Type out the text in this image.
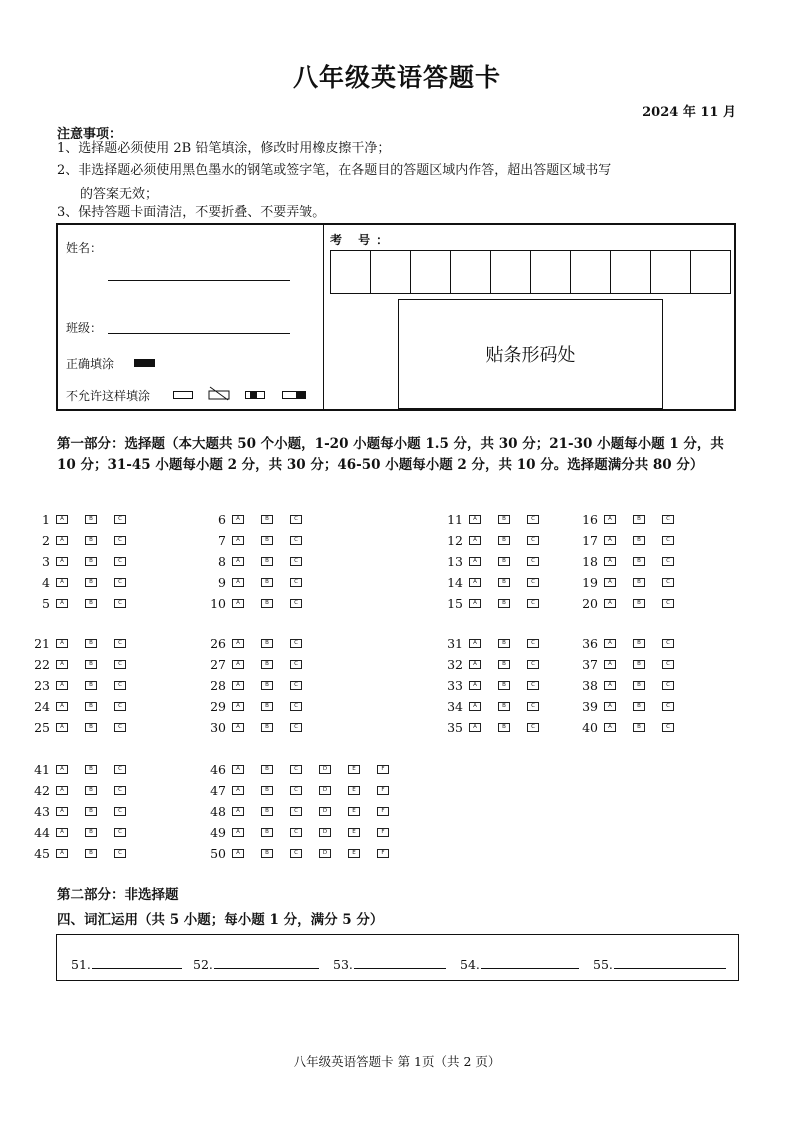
八年级英语答题卡
2024 年 11 月
注意事项：
1、选择题必须使用 2B 铅笔填涂，修改时用橡皮擦干净；
2、非选择题必须使用黑色墨水的钢笔或签字笔，在各题目的答题区域内作答，超出答题区域书写
的答案无效；
3、保持答题卡面清洁，不要折叠、不要弄皱。
姓名：
班级：
正确填涂
不允许这样填涂
考 号：
贴条形码处
第一部分：选择题（本大题共 50 个小题，1-20 小题每小题 1.5 分，共 30 分；21-30 小题每小题 1 分，共 10 分；31-45 小题每小题 2 分，共 30 分；46-50 小题每小题 2 分，共 10 分。选择题满分共 80 分）
1	A	B	C
2	A	B	C
3	A	B	C
4	A	B	C
5	A	B	C
6	A	B	C
7	A	B	C
8	A	B	C
9	A	B	C
10	A	B	C
11	A	B	C
12	A	B	C
13	A	B	C
14	A	B	C
15	A	B	C
16	A	B	C
17	A	B	C
18	A	B	C
19	A	B	C
20	A	B	C
21	A	B	C
22	A	B	C
23	A	B	C
24	A	B	C
25	A	B	C
26	A	B	C
27	A	B	C
28	A	B	C
29	A	B	C
30	A	B	C
31	A	B	C
32	A	B	C
33	A	B	C
34	A	B	C
35	A	B	C
36	A	B	C
37	A	B	C
38	A	B	C
39	A	B	C
40	A	B	C
41	A	B	C
42	A	B	C
43	A	B	C
44	A	B	C
45	A	B	C
46	A	B	C	D	E	F
47	A	B	C	D	E	F
48	A	B	C	D	E	F
49	A	B	C	D	E	F
50	A	B	C	D	E	F
第二部分：非选择题
四、词汇运用（共 5 小题；每小题 1 分，满分 5 分）
51.	52.	53.	54.	55.
八年级英语答题卡 第 1页（共 2 页）
